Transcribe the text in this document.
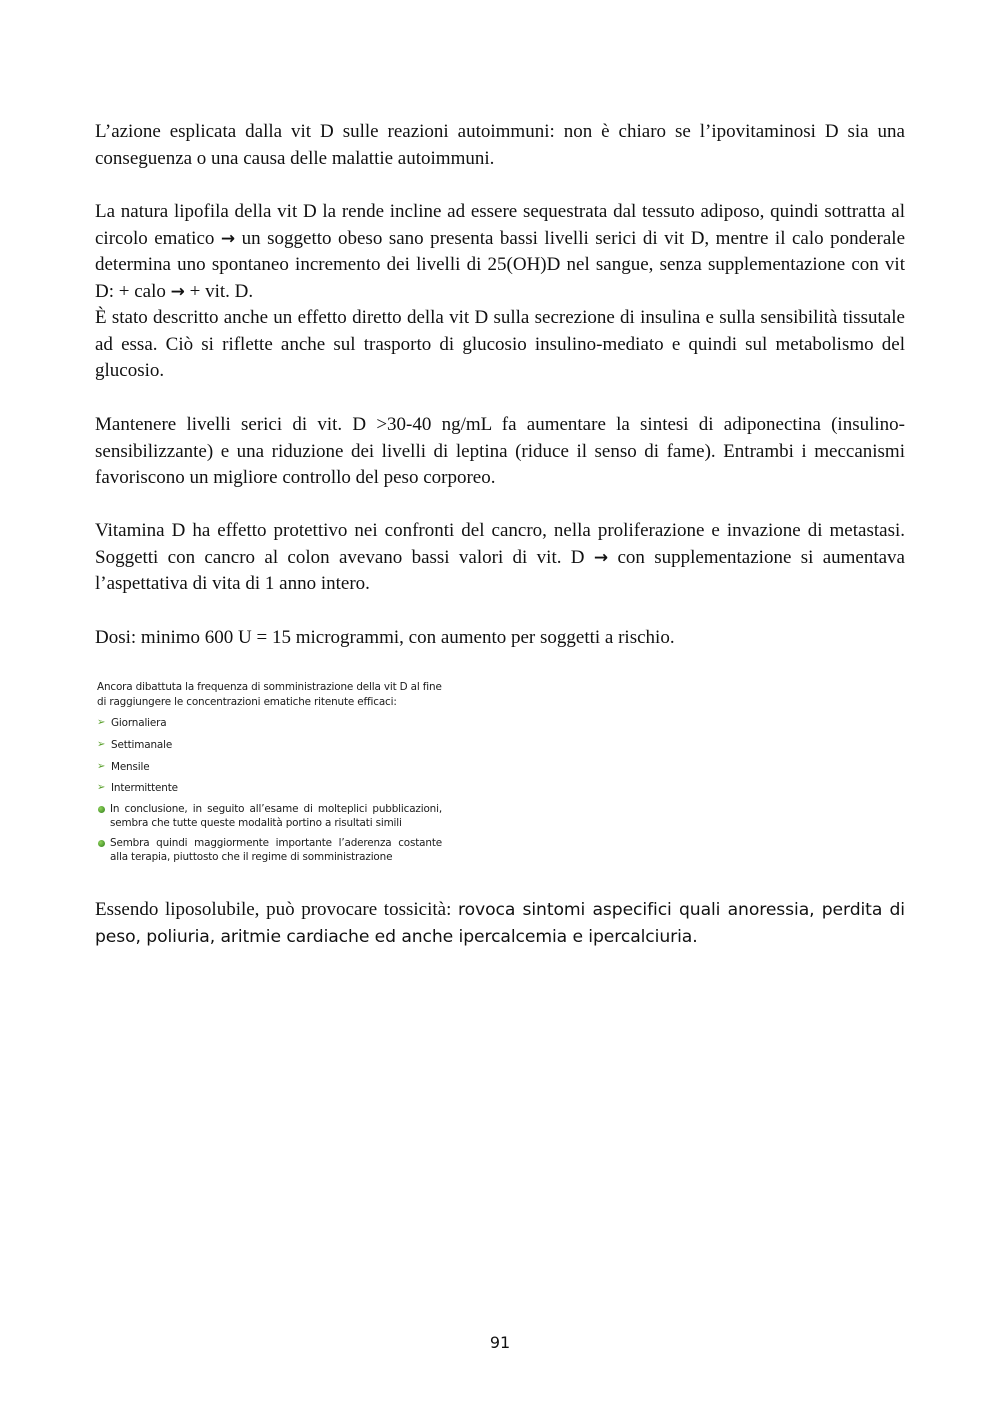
L’azione esplicata dalla vit D sulle reazioni autoimmuni: non è chiaro se l’ipovitaminosi D sia una conseguenza o una causa delle malattie autoimmuni.

La natura lipofila della vit D la rende incline ad essere sequestrata dal tessuto adiposo, quindi sottratta al circolo ematico → un soggetto obeso sano presenta bassi livelli serici di vit D, mentre il calo ponderale determina uno spontaneo incremento dei livelli di 25(OH)D nel sangue, senza supplementazione con vit D: + calo → + vit. D.

È stato descritto anche un effetto diretto della vit D sulla secrezione di insulina e sulla sensibilità tissutale ad essa. Ciò si riflette anche sul trasporto di glucosio insulino-mediato e quindi sul metabolismo del glucosio.

Mantenere livelli serici di vit. D >30-40 ng/mL fa aumentare la sintesi di adiponectina (insulino-sensibilizzante) e una riduzione dei livelli di leptina (riduce il senso di fame). Entrambi i meccanismi favoriscono un migliore controllo del peso corporeo.

Vitamina D ha effetto protettivo nei confronti del cancro, nella proliferazione e invazione di metastasi. Soggetti con cancro al colon avevano bassi valori di vit. D → con supplementazione si aumentava l’aspettativa di vita di 1 anno intero.

Dosi: minimo 600 U = 15 microgrammi, con aumento per soggetti a rischio.

Ancora dibattuta la frequenza di somministrazione della vit D al fine di raggiungere le concentrazioni ematiche ritenute efficaci:

➢ Giornaliera
➢ Settimanale
➢ Mensile
➢ Intermittente
In conclusione, in seguito all’esame di molteplici pubblicazioni, sembra che tutte queste modalità portino a risultati simili
Sembra quindi maggiormente importante l’aderenza costante alla terapia, piuttosto che il regime di somministrazione

Essendo liposolubile, può provocare tossicità: rovoca sintomi aspecifici quali anoressia, perdita di peso, poliuria, aritmie cardiache ed anche ipercalcemia e ipercalciuria.

91
